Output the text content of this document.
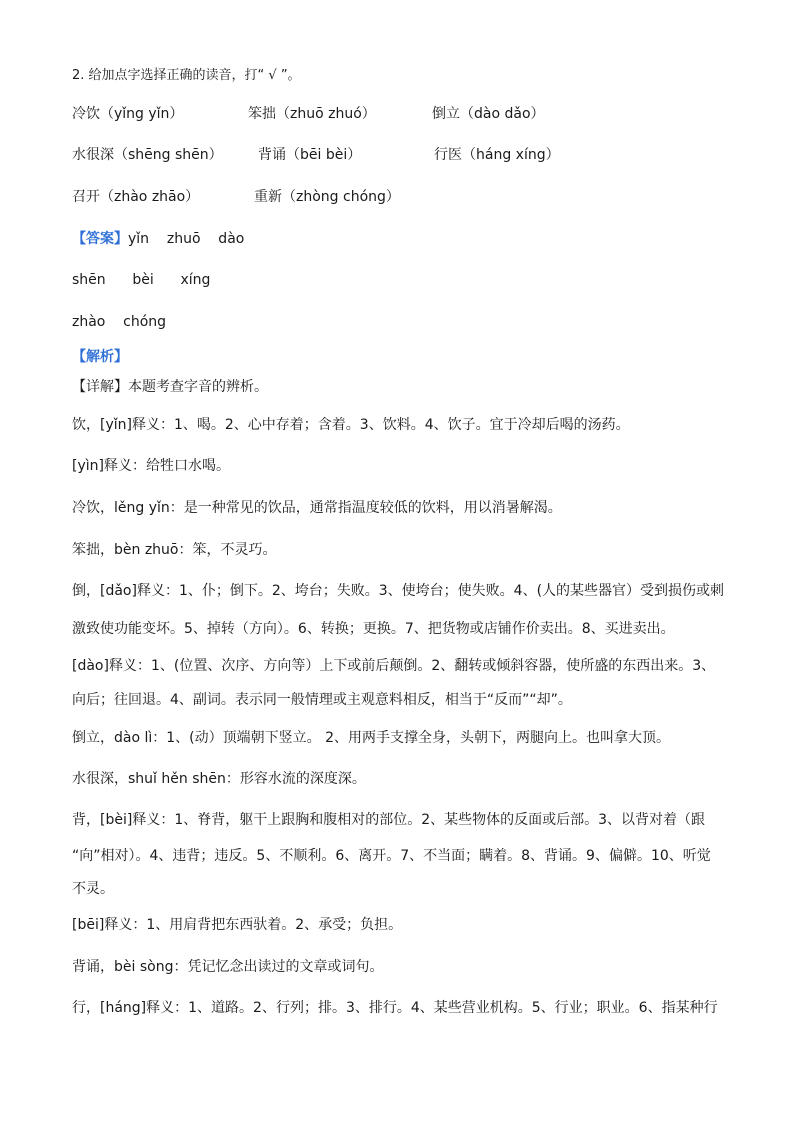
2. 给加点字选择正确的读音，打“ √ ”。
冷饮（yǐng yǐn）	笨拙（zhuō zhuó）	倒立（dào dǎo）
水很深（shēng shēn）	背诵（bēi bèi）	行医（háng xíng）
召开（zhào zhāo）	重新（zhòng chóng）
【答案】yǐn    zhuō    dào
shēn      bèi      xíng
zhào    chóng
【解析】
【详解】本题考查字音的辨析。
饮，[yǐn]释义：1、喝。2、心中存着；含着。3、饮料。4、饮子。宜于冷却后喝的汤药。
[yìn]释义：给牲口水喝。
冷饮，lěng yǐn：是一种常见的饮品，通常指温度较低的饮料，用以消暑解渴。
笨拙，bèn zhuō：笨，不灵巧。
倒，[dǎo]释义：1、仆；倒下。2、垮台；失败。3、使垮台；使失败。4、(人的某些器官）受到损伤或刺
激致使功能变坏。5、掉转（方向）。6、转换；更换。7、把货物或店铺作价卖出。8、买进卖出。
[dào]释义：1、(位置、次序、方向等）上下或前后颠倒。2、翻转或倾斜容器，使所盛的东西出来。3、
向后；往回退。4、副词。表示同一般情理或主观意料相反，相当于“反而”“却”。
倒立，dào lì：1、(动）顶端朝下竖立。 2、用两手支撑全身，头朝下，两腿向上。也叫拿大顶。
水很深，shuǐ hěn shēn：形容水流的深度深。
背，[bèi]释义：1、脊背，躯干上跟胸和腹相对的部位。2、某些物体的反面或后部。3、以背对着（跟
“向”相对）。4、违背；违反。5、不顺利。6、离开。7、不当面；瞒着。8、背诵。9、偏僻。10、听觉
不灵。
[bēi]释义：1、用肩背把东西驮着。2、承受；负担。
背诵，bèi sòng：凭记忆念出读过的文章或词句。
行，[háng]释义：1、道路。2、行列；排。3、排行。4、某些营业机构。5、行业；职业。6、指某种行
